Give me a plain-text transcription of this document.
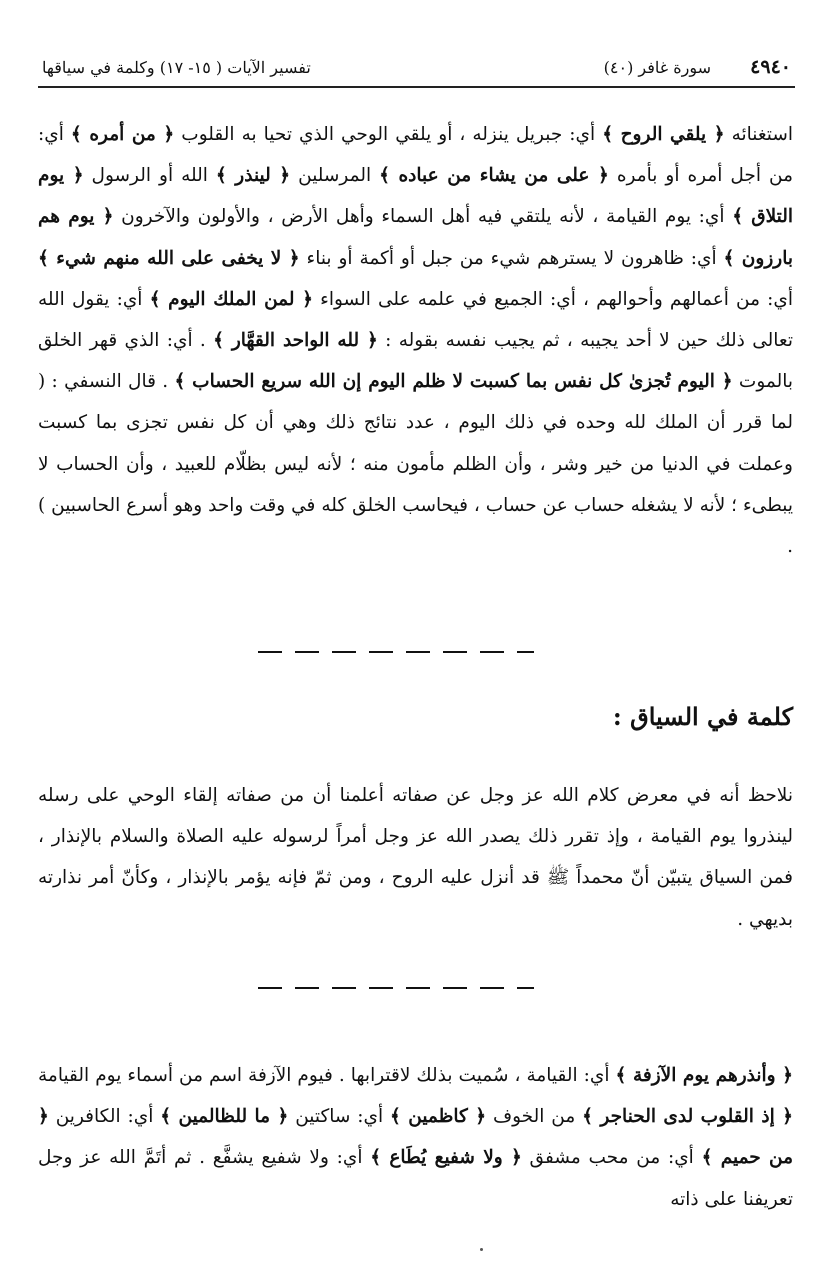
٤٩٤٠
(٤٠) سورة غافر
تفسير الآيات ( ١٥- ١٧) وكلمة في سياقها
استغنائه ﴿ يلقي الروح ﴾ أي: جبريل ينزله ، أو يلقي الوحي الذي تحيا به القلوب ﴿ من أمره ﴾ أي: من أجل أمره أو بأمره ﴿ على من يشاء من عباده ﴾ المرسلين ﴿ لينذر ﴾ الله أو الرسول ﴿ يوم التلاق ﴾ أي: يوم القيامة ، لأنه يلتقي فيه أهل السماء وأهل الأرض ، والأولون والآخرون ﴿ يوم هم بارزون ﴾ أي: ظاهرون لا يسترهم شيء من جبل أو أكمة أو بناء ﴿ لا يخفى على الله منهم شيء ﴾ أي: من أعمالهم وأحوالهم ، أي: الجميع في علمه على السواء ﴿ لمن الملك اليوم ﴾ أي: يقول الله تعالى ذلك حين لا أحد يجيبه ، ثم يجيب نفسه بقوله : ﴿ لله الواحد القهَّار ﴾ . أي: الذي قهر الخلق بالموت ﴿ اليوم تُجزىٰ كل نفس بما كسبت لا ظلم اليوم إن الله سريع الحساب ﴾ . قال النسفي : ( لما قرر أن الملك لله وحده في ذلك اليوم ، عدد نتائج ذلك وهي أن كل نفس تجزى بما كسبت وعملت في الدنيا من خير وشر ، وأن الظلم مأمون منه ؛ لأنه ليس بظلّام للعبيد ، وأن الحساب لا يبطىء ؛ لأنه لا يشغله حساب عن حساب ، فيحاسب الخلق كله في وقت واحد وهو أسرع الحاسبين ) .
كلمة في السياق :
نلاحظ أنه في معرض كلام الله عز وجل عن صفاته أعلمنا أن من صفاته إلقاء الوحي على رسله لينذروا يوم القيامة ، وإذ تقرر ذلك يصدر الله عز وجل أمراً لرسوله عليه الصلاة والسلام بالإنذار ، فمن السياق يتبيّن أنّ محمداً ﷺ قد أنزل عليه الروح ، ومن ثمّ فإنه يؤمر بالإنذار ، وكأنّ أمر نذارته بديهي .
﴿ وأنذرهم يوم الآزفة ﴾ أي: القيامة ، سُميت بذلك لاقترابها . فيوم الآزفة اسم من أسماء يوم القيامة ﴿ إذ القلوب لدى الحناجر ﴾ من الخوف ﴿ كاظمين ﴾ أي: ساكتين ﴿ ما للظالمين ﴾ أي: الكافرين ﴿ من حميم ﴾ أي: من محب مشفق ﴿ ولا شفيع يُطَاع ﴾ أي: ولا شفيع يشفَّع . ثم أتَمَّ الله عز وجل تعريفنا على ذاته
